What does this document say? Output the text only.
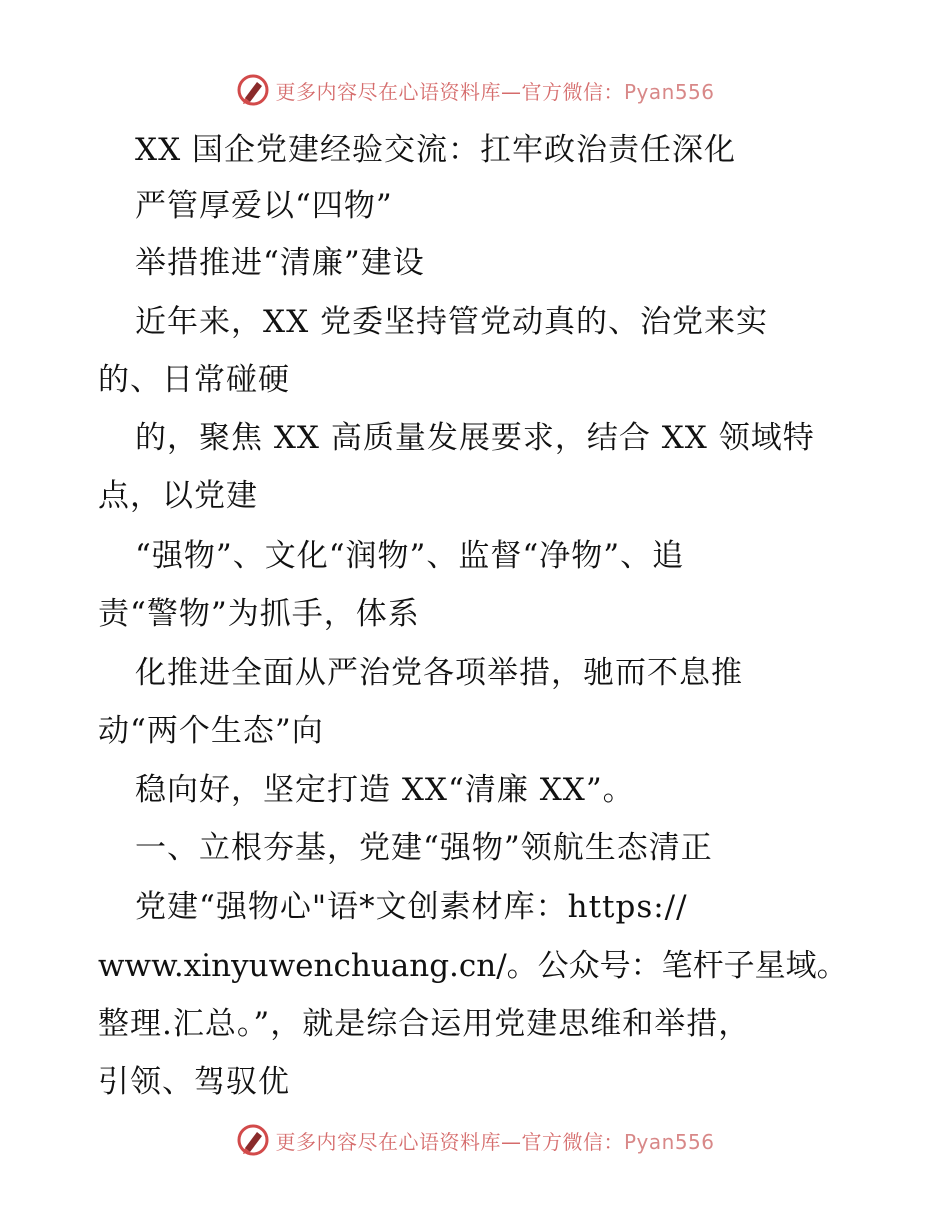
更多内容尽在心语资料库—官方微信：Pyan556
XX 国企党建经验交流：扛牢政治责任深化
严管厚爱以“四物”
举措推进“清廉”建设
近年来，XX 党委坚持管党动真的、治党来实
的、日常碰硬
的，聚焦 XX 高质量发展要求，结合 XX 领域特
点，以党建
“强物”、文化“润物”、监督“净物”、追
责“警物”为抓手，体系
化推进全面从严治党各项举措，驰而不息推
动“两个生态”向
稳向好，坚定打造 XX“清廉 XX”。
一、立根夯基，党建“强物”领航生态清正
党建“强物心"语*文创素材库：https://
www.xinyuwenchuang.cn/。公众号：笔杆子星域。
整理.汇总。”，就是综合运用党建思维和举措，
引领、驾驭优
更多内容尽在心语资料库—官方微信：Pyan556
